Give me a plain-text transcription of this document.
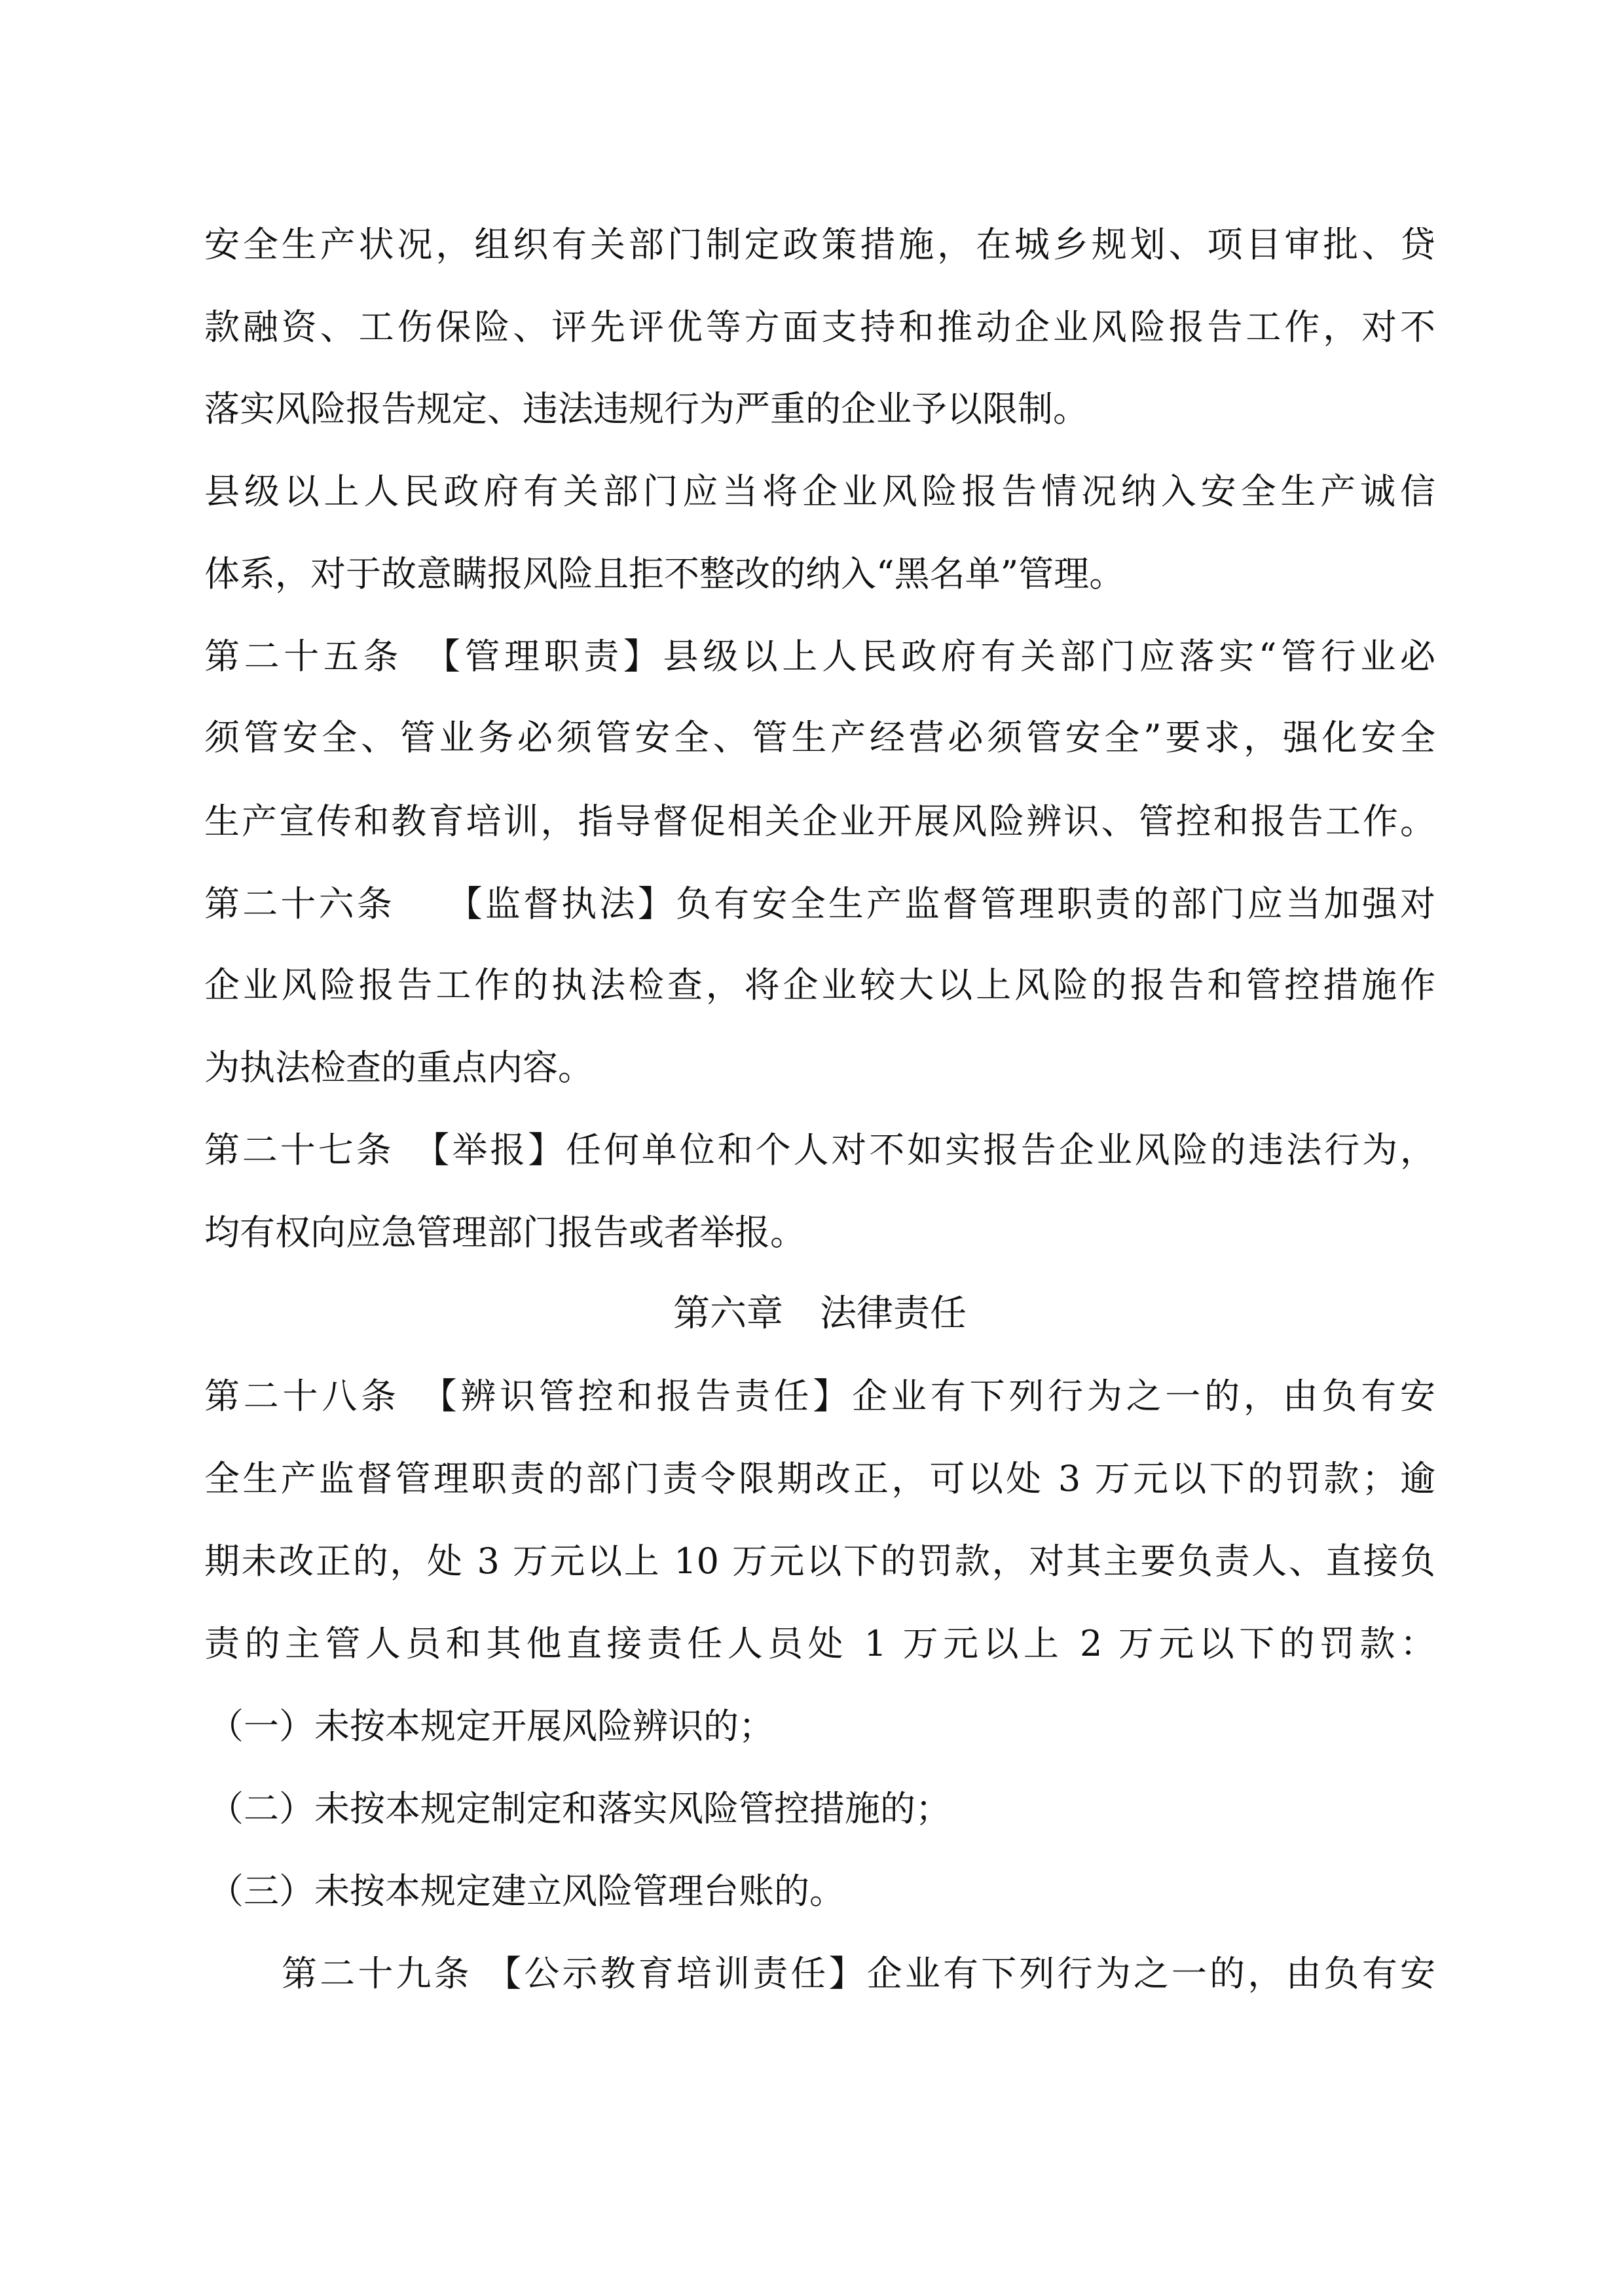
安全生产状况，组织有关部门制定政策措施，在城乡规划、项目审批、贷
款融资、工伤保险、评先评优等方面支持和推动企业风险报告工作，对不
落实风险报告规定、违法违规行为严重的企业予以限制。
县级以上人民政府有关部门应当将企业风险报告情况纳入安全生产诚信
体系，对于故意瞒报风险且拒不整改的纳入“黑名单”管理。
第二十五条　【管理职责】县级以上人民政府有关部门应落实“管行业必
须管安全、管业务必须管安全、管生产经营必须管安全”要求，强化安全
生产宣传和教育培训，指导督促相关企业开展风险辨识、管控和报告工作。
第二十六条　 【监督执法】负有安全生产监督管理职责的部门应当加强对
企业风险报告工作的执法检查，将企业较大以上风险的报告和管控措施作
为执法检查的重点内容。
第二十七条　【举报】任何单位和个人对不如实报告企业风险的违法行为，
均有权向应急管理部门报告或者举报。
第六章　法律责任
第二十八条　【辨识管控和报告责任】企业有下列行为之一的，由负有安
全生产监督管理职责的部门责令限期改正，可以处 3 万元以下的罚款；逾
期未改正的，处 3 万元以上 10 万元以下的罚款，对其主要负责人、直接负
责的主管人员和其他直接责任人员处 1 万元以上 2 万元以下的罚款：
（一）未按本规定开展风险辨识的；
（二）未按本规定制定和落实风险管控措施的；
（三）未按本规定建立风险管理台账的。
第二十九条 【公示教育培训责任】企业有下列行为之一的，由负有安
